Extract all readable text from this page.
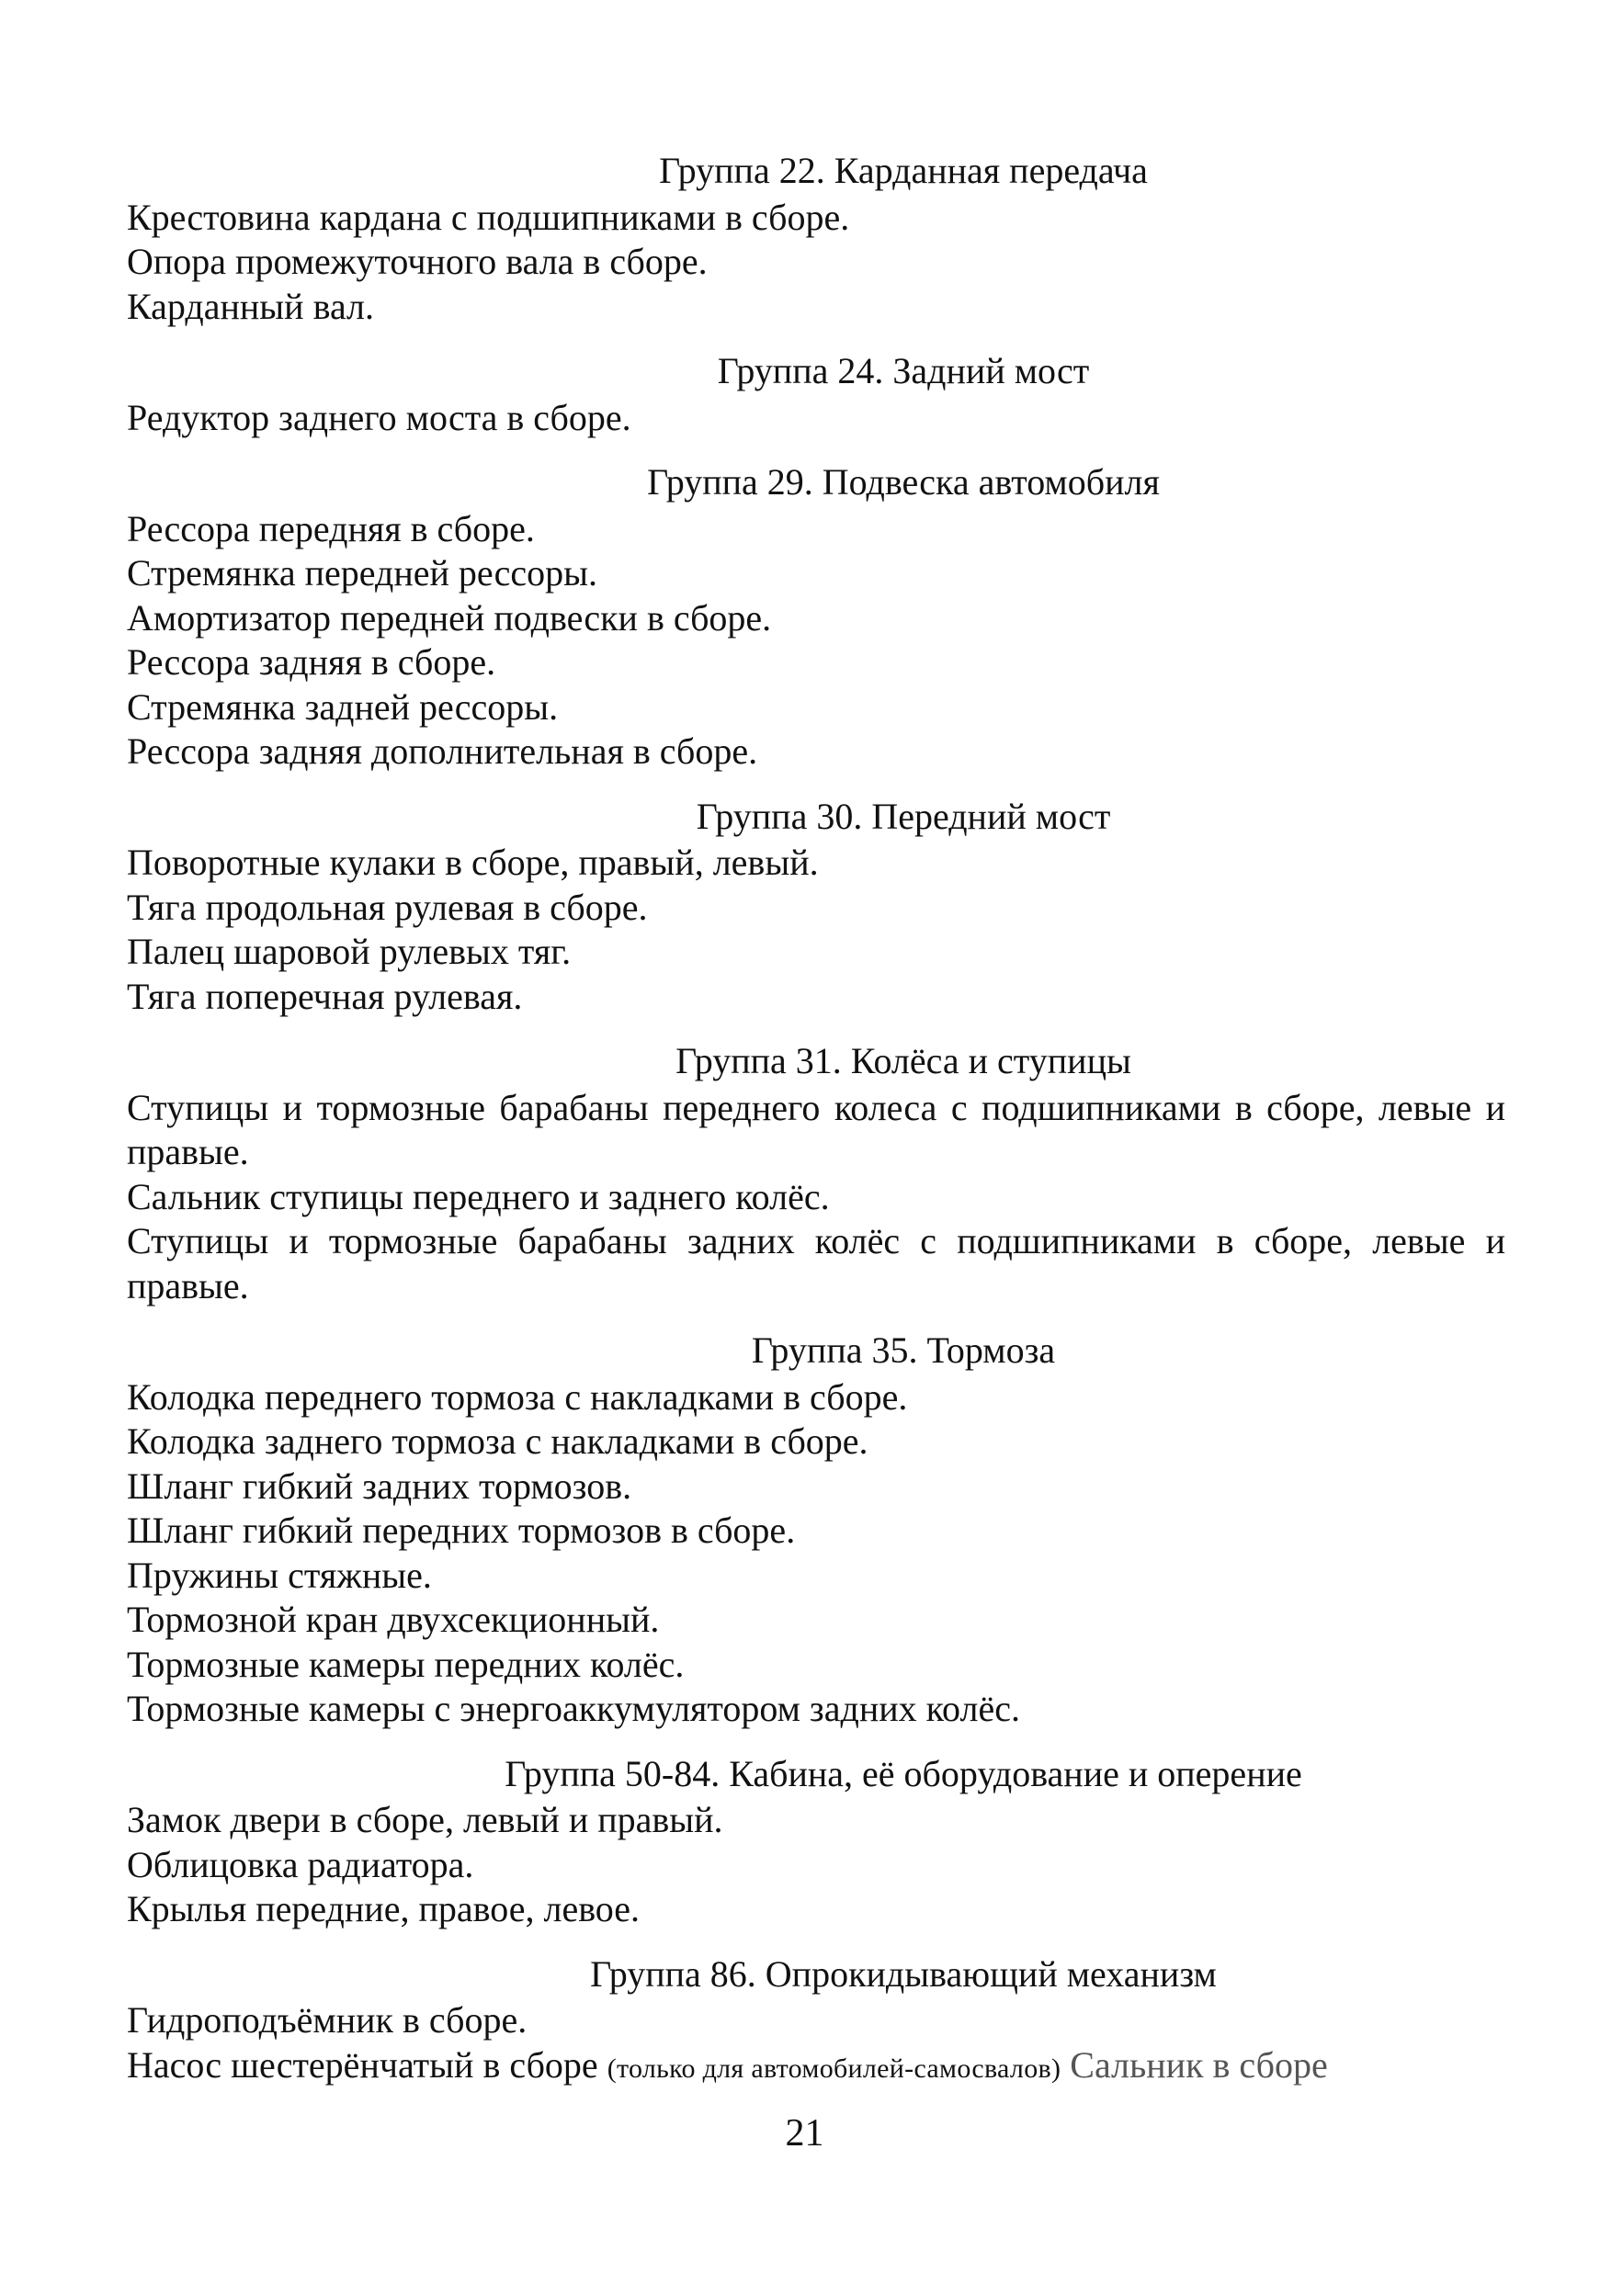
Группа 22. Карданная передача
Крестовина кардана с подшипниками в сборе.
Опора промежуточного вала в сборе.
Карданный вал.
Группа 24. Задний мост
Редуктор заднего моста в сборе.
Группа 29. Подвеска автомобиля
Рессора передняя в сборе.
Стремянка передней рессоры.
Амортизатор передней подвески в сборе.
Рессора задняя в сборе.
Стремянка задней рессоры.
Рессора задняя дополнительная в сборе.
Группа 30. Передний мост
Поворотные кулаки в сборе, правый, левый.
Тяга продольная рулевая в сборе.
Палец шаровой рулевых тяг.
Тяга поперечная рулевая.
Группа 31. Колёса и ступицы
Ступицы и тормозные барабаны переднего колеса с подшипниками в сборе, левые и правые.
Сальник ступицы переднего и заднего колёс.
Ступицы и тормозные барабаны задних колёс с подшипниками в сборе, левые и правые.
Группа 35. Тормоза
Колодка переднего тормоза с накладками в сборе.
Колодка заднего тормоза с накладками в сборе.
Шланг гибкий задних тормозов.
Шланг гибкий передних тормозов в сборе.
Пружины стяжные.
Тормозной кран двухсекционный.
Тормозные камеры передних колёс.
Тормозные камеры с энергоаккумулятором задних колёс.
Группа 50-84. Кабина, её оборудование и оперение
Замок двери в сборе, левый и правый.
Облицовка радиатора.
Крылья передние, правое, левое.
Группа 86. Опрокидывающий механизм
Гидроподъёмник в сборе.
Насос шестерёнчатый в сборе (только для автомобилей-самосвалов) Сальник в сборе
21
